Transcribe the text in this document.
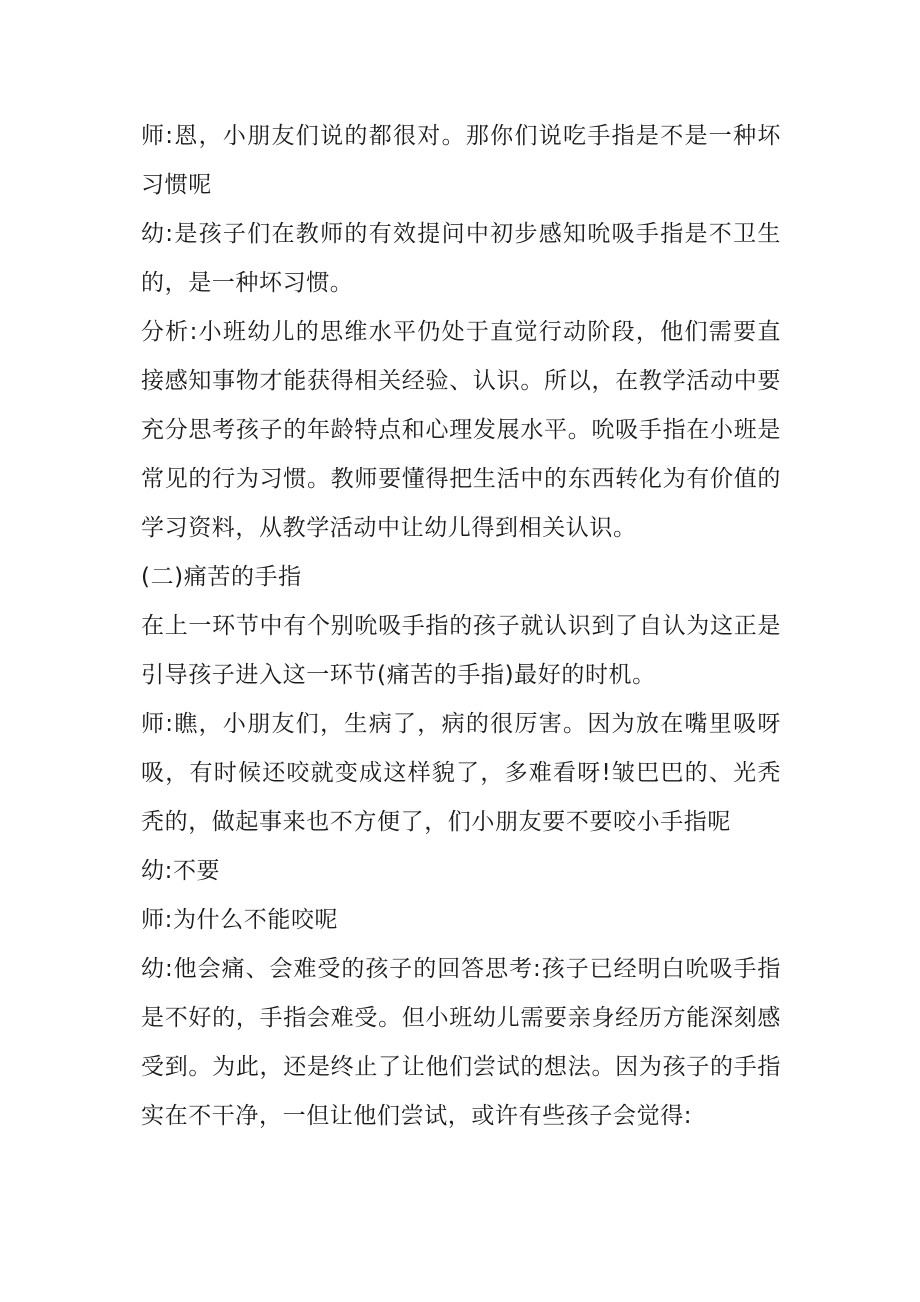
师:恩，小朋友们说的都很对。那你们说吃手指是不是一种坏习惯呢

幼:是孩子们在教师的有效提问中初步感知吮吸手指是不卫生的，是一种坏习惯。

分析:小班幼儿的思维水平仍处于直觉行动阶段，他们需要直接感知事物才能获得相关经验、认识。所以，在教学活动中要充分思考孩子的年龄特点和心理发展水平。吮吸手指在小班是常见的行为习惯。教师要懂得把生活中的东西转化为有价值的学习资料，从教学活动中让幼儿得到相关认识。

(二)痛苦的手指

在上一环节中有个别吮吸手指的孩子就认识到了自认为这正是引导孩子进入这一环节(痛苦的手指)最好的时机。

师:瞧，小朋友们，生病了，病的很厉害。因为放在嘴里吸呀吸，有时候还咬就变成这样貌了，多难看呀!皱巴巴的、光秃秃的，做起事来也不方便了，们小朋友要不要咬小手指呢

幼:不要

师:为什么不能咬呢

幼:他会痛、会难受的孩子的回答思考:孩子已经明白吮吸手指是不好的，手指会难受。但小班幼儿需要亲身经历方能深刻感受到。为此，还是终止了让他们尝试的想法。因为孩子的手指实在不干净，一但让他们尝试，或许有些孩子会觉得:
